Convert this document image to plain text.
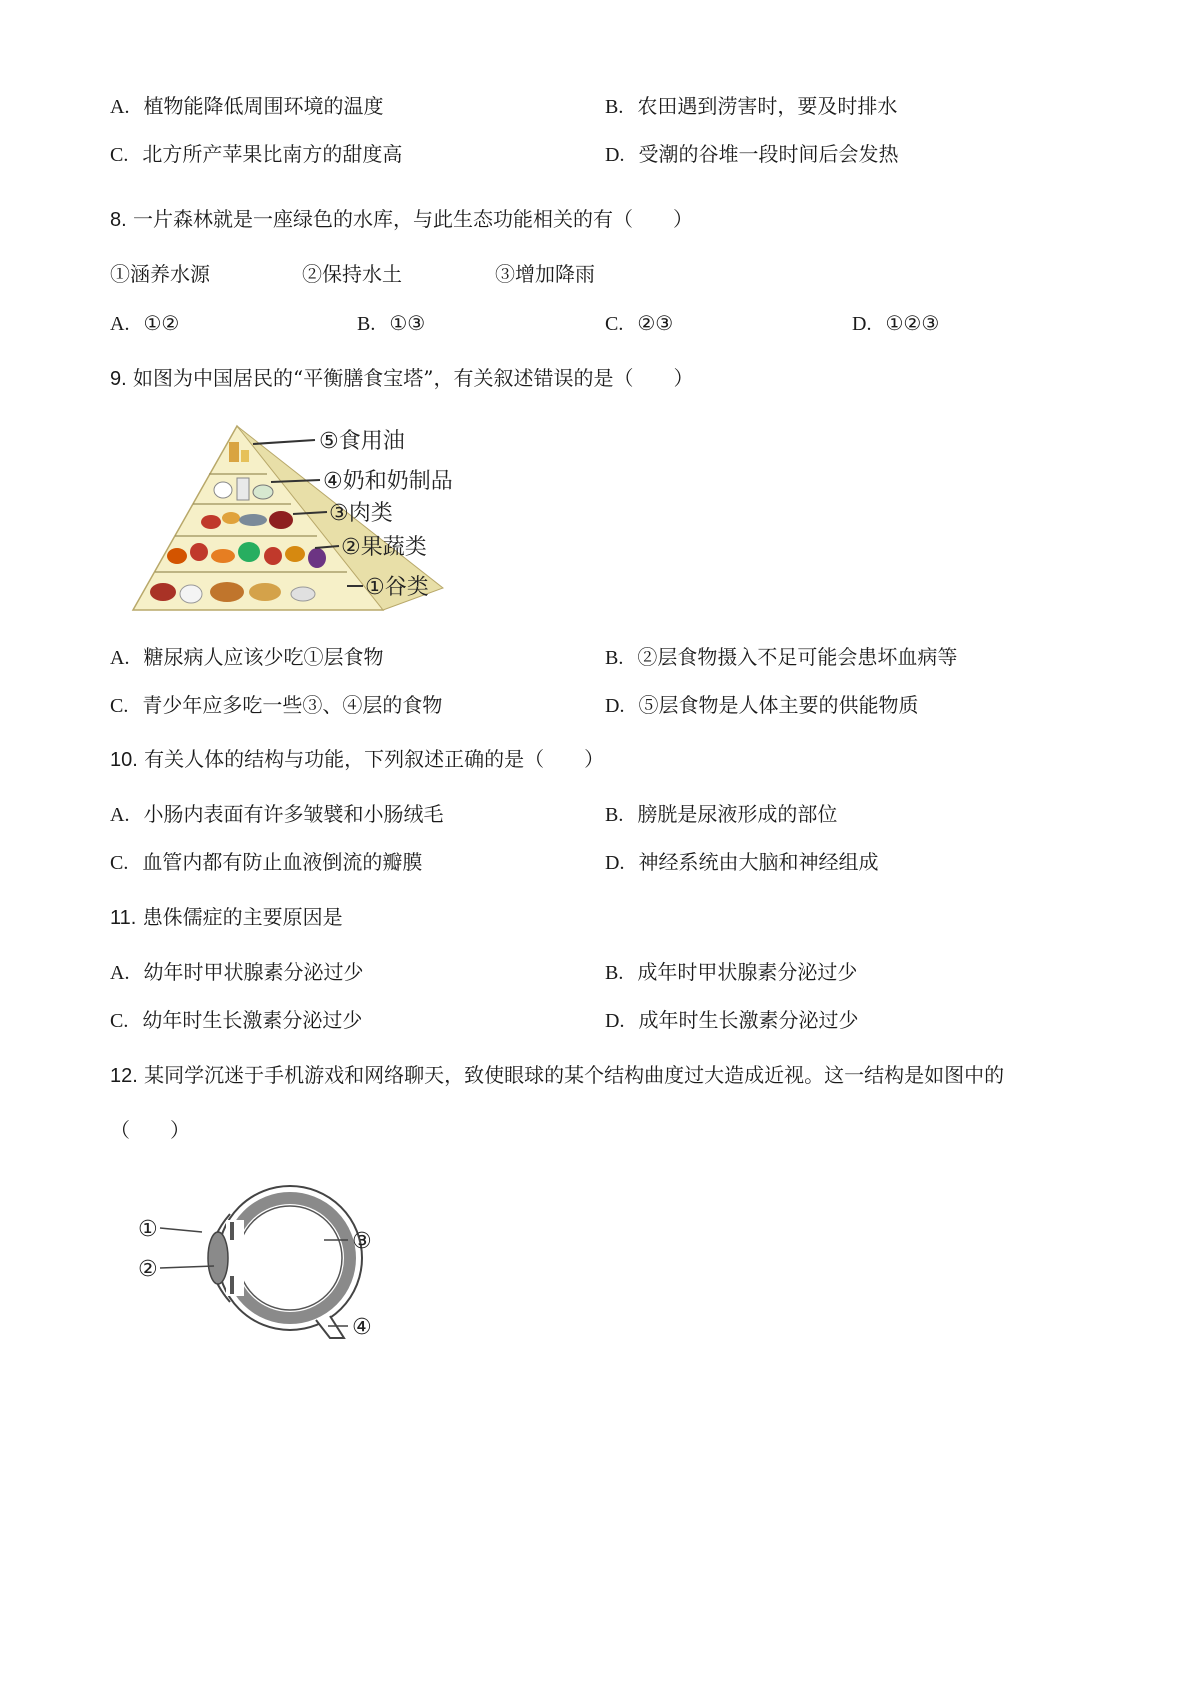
A. 植物能降低周围环境的温度	B. 农田遇到涝害时，要及时排水
C. 北方所产苹果比南方的甜度高	D. 受潮的谷堆一段时间后会发热
8. 一片森林就是一座绿色的水库，与此生态功能相关的有（　　）
①涵养水源	②保持水土	③增加降雨
A. ①②	B. ①③	C. ②③	D. ①②③
9. 如图为中国居民的“平衡膳食宝塔”，有关叙述错误的是（　　）
⑤食用油
④奶和奶制品
③肉类
②果蔬类
①谷类
A. 糖尿病人应该少吃①层食物	B. ②层食物摄入不足可能会患坏血病等
C. 青少年应多吃一些③、④层的食物	D. ⑤层食物是人体主要的供能物质
10. 有关人体的结构与功能，下列叙述正确的是（　　）
A. 小肠内表面有许多皱襞和小肠绒毛	B. 膀胱是尿液形成的部位
C. 血管内都有防止血液倒流的瓣膜	D. 神经系统由大脑和神经组成
11. 患侏儒症的主要原因是
A. 幼年时甲状腺素分泌过少	B. 成年时甲状腺素分泌过少
C. 幼年时生长激素分泌过少	D. 成年时生长激素分泌过少
12. 某同学沉迷于手机游戏和网络聊天，致使眼球的某个结构曲度过大造成近视。这一结构是如图中的
（　　）
①
②
③
④
